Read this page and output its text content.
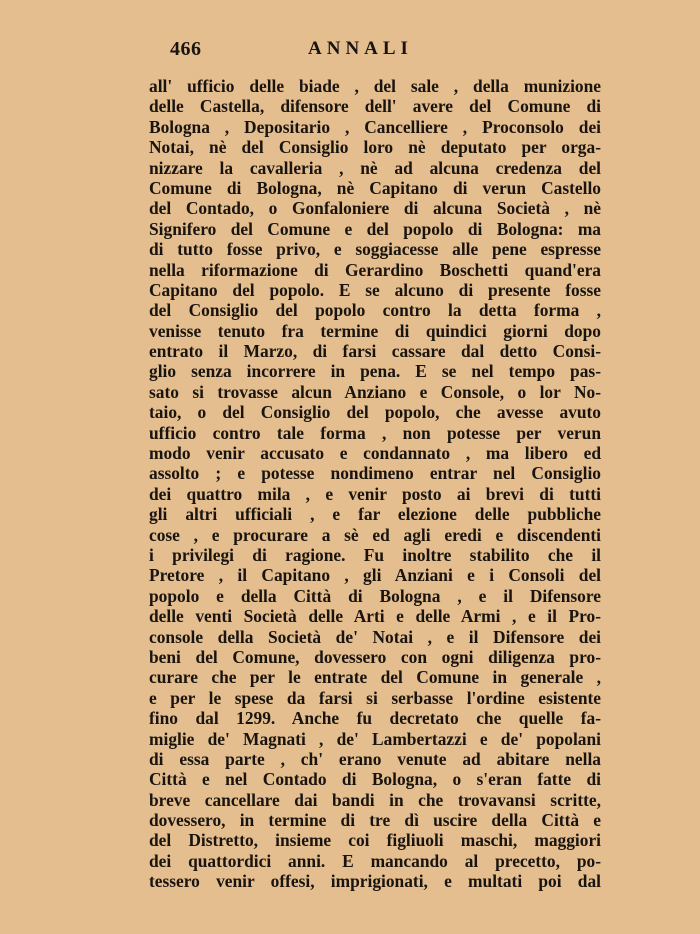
466	ANNALI
all' ufficio delle biade , del sale , della munizione
delle Castella, difensore dell' avere del Comune di
Bologna , Depositario , Cancelliere , Proconsolo dei
Notai, nè del Consiglio loro nè deputato per orga-
nizzare la cavalleria , nè ad alcuna credenza del
Comune di Bologna, nè Capitano di verun Castello
del Contado, o Gonfaloniere di alcuna Società , nè
Signifero del Comune e del popolo di Bologna: ma
di tutto fosse privo, e soggiacesse alle pene espresse
nella riformazione di Gerardino Boschetti quand'era
Capitano del popolo. E se alcuno di presente fosse
del Consiglio del popolo contro la detta forma ,
venisse tenuto fra termine di quindici giorni dopo
entrato il Marzo, di farsi cassare dal detto Consi-
glio senza incorrere in pena. E se nel tempo pas-
sato si trovasse alcun Anziano e Console, o lor No-
taio, o del Consiglio del popolo, che avesse avuto
ufficio contro tale forma , non potesse per verun
modo venir accusato e condannato , ma libero ed
assolto ; e potesse nondimeno entrar nel Consiglio
dei quattro mila , e venir posto ai brevi di tutti
gli altri ufficiali , e far elezione delle pubbliche
cose , e procurare a sè ed agli eredi e discendenti
i privilegi di ragione. Fu inoltre stabilito che il
Pretore , il Capitano , gli Anziani e i Consoli del
popolo e della Città di Bologna , e il Difensore
delle venti Società delle Arti e delle Armi , e il Pro-
console della Società de' Notai , e il Difensore dei
beni del Comune, dovessero con ogni diligenza pro-
curare che per le entrate del Comune in generale ,
e per le spese da farsi si serbasse l'ordine esistente
fino dal 1299. Anche fu decretato che quelle fa-
miglie de' Magnati , de' Lambertazzi e de' popolani
di essa parte , ch' erano venute ad abitare nella
Città e nel Contado di Bologna, o s'eran fatte di
breve cancellare dai bandi in che trovavansi scritte,
dovessero, in termine di tre dì uscire della Città e
del Distretto, insieme coi figliuoli maschi, maggiori
dei quattordici anni. E mancando al precetto, po-
tessero venir offesi, imprigionati, e multati poi dal
